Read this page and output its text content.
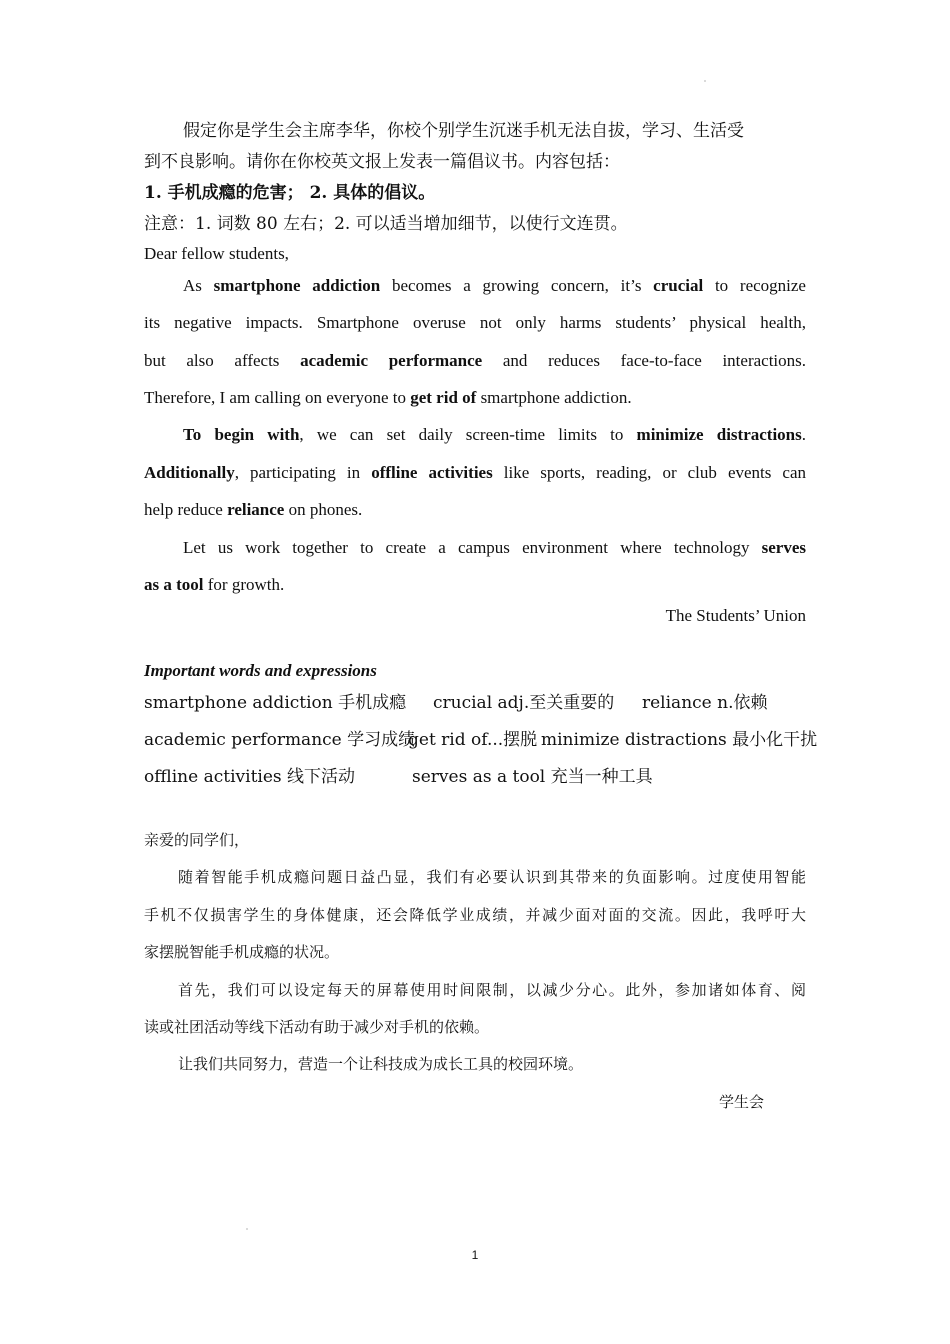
假定你是学生会主席李华，你校个别学生沉迷手机无法自拔，学习、生活受
到不良影响。请你在你校英文报上发表一篇倡议书。内容包括：
1. 手机成瘾的危害； 2. 具体的倡议。
注意：1. 词数 80 左右；2. 可以适当增加细节，以使行文连贯。
Dear fellow students,
As smartphone addiction becomes a growing concern, it’s crucial to recognize
its negative impacts. Smartphone overuse not only harms students’ physical health,
but also affects academic performance and reduces face-to-face interactions.
Therefore, I am calling on everyone to get rid of smartphone addiction.
To begin with, we can set daily screen-time limits to minimize distractions.
Additionally, participating in offline activities like sports, reading, or club events can
help reduce reliance on phones.
Let us work together to create a campus environment where technology serves
as a tool for growth.
The Students’ Union
Important words and expressions
smartphone addiction 手机成瘾 crucial adj.至关重要的 reliance n.依赖
academic performance 学习成绩
get rid of...摆脱 minimize distractions 最小化干扰
offline activities 线下活动	serves as a tool 充当一种工具
亲爱的同学们，
随着智能手机成瘾问题日益凸显，我们有必要认识到其带来的负面影响。过度使用智能
手机不仅损害学生的身体健康，还会降低学业成绩，并减少面对面的交流。因此，我呼吁大
家摆脱智能手机成瘾的状况。
首先，我们可以设定每天的屏幕使用时间限制，以减少分心。此外，参加诸如体育、阅
读或社团活动等线下活动有助于减少对手机的依赖。
让我们共同努力，营造一个让科技成为成长工具的校园环境。
学生会
1
